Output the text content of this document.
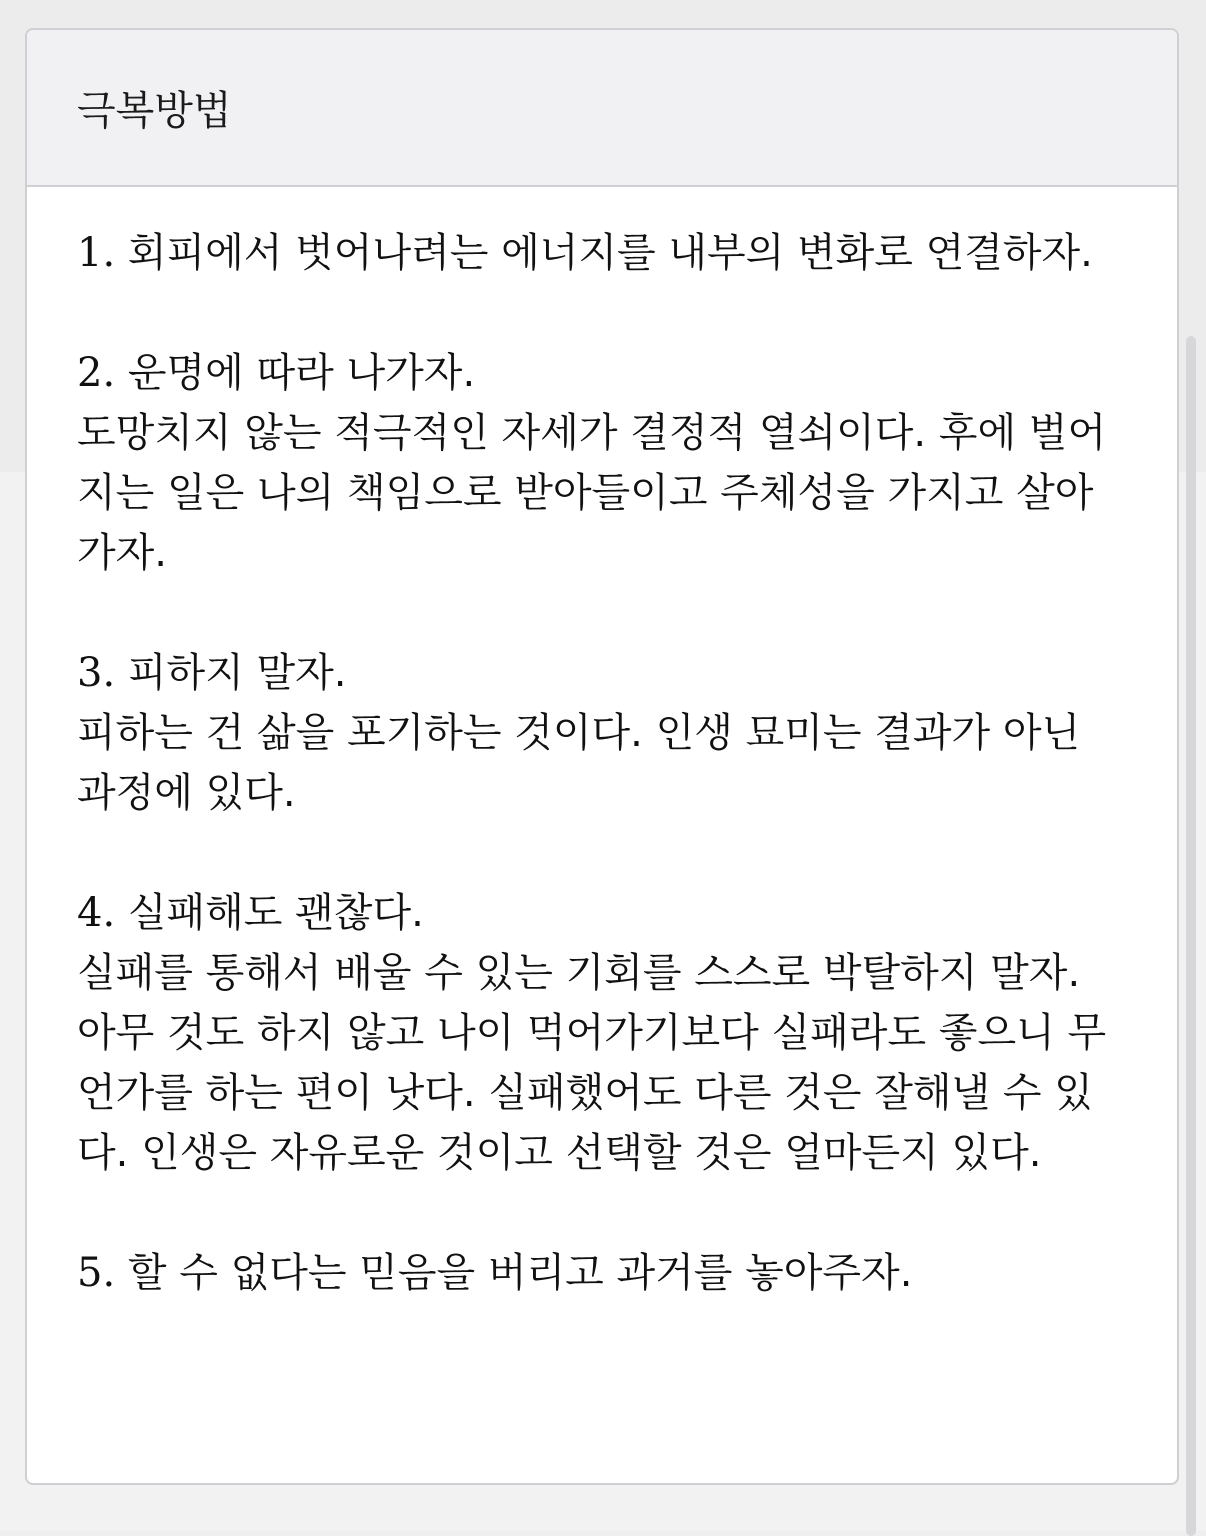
극복방법

1. 회피에서 벗어나려는 에너지를 내부의 변화로 연결하자.

2. 운명에 따라 나가자.

도망치지 않는 적극적인 자세가 결정적 열쇠이다. 후에 벌어지는 일은 나의 책임으로 받아들이고 주체성을 가지고 살아가자.

3. 피하지 말자.

피하는 건 삶을 포기하는 것이다. 인생 묘미는 결과가 아닌 과정에 있다.

4. 실패해도 괜찮다.

실패를 통해서 배울 수 있는 기회를 스스로 박탈하지 말자. 아무 것도 하지 않고 나이 먹어가기보다 실패라도 좋으니 무언가를 하는 편이 낫다. 실패했어도 다른 것은 잘해낼 수 있다. 인생은 자유로운 것이고 선택할 것은 얼마든지 있다.

5. 할 수 없다는 믿음을 버리고 과거를 놓아주자.
